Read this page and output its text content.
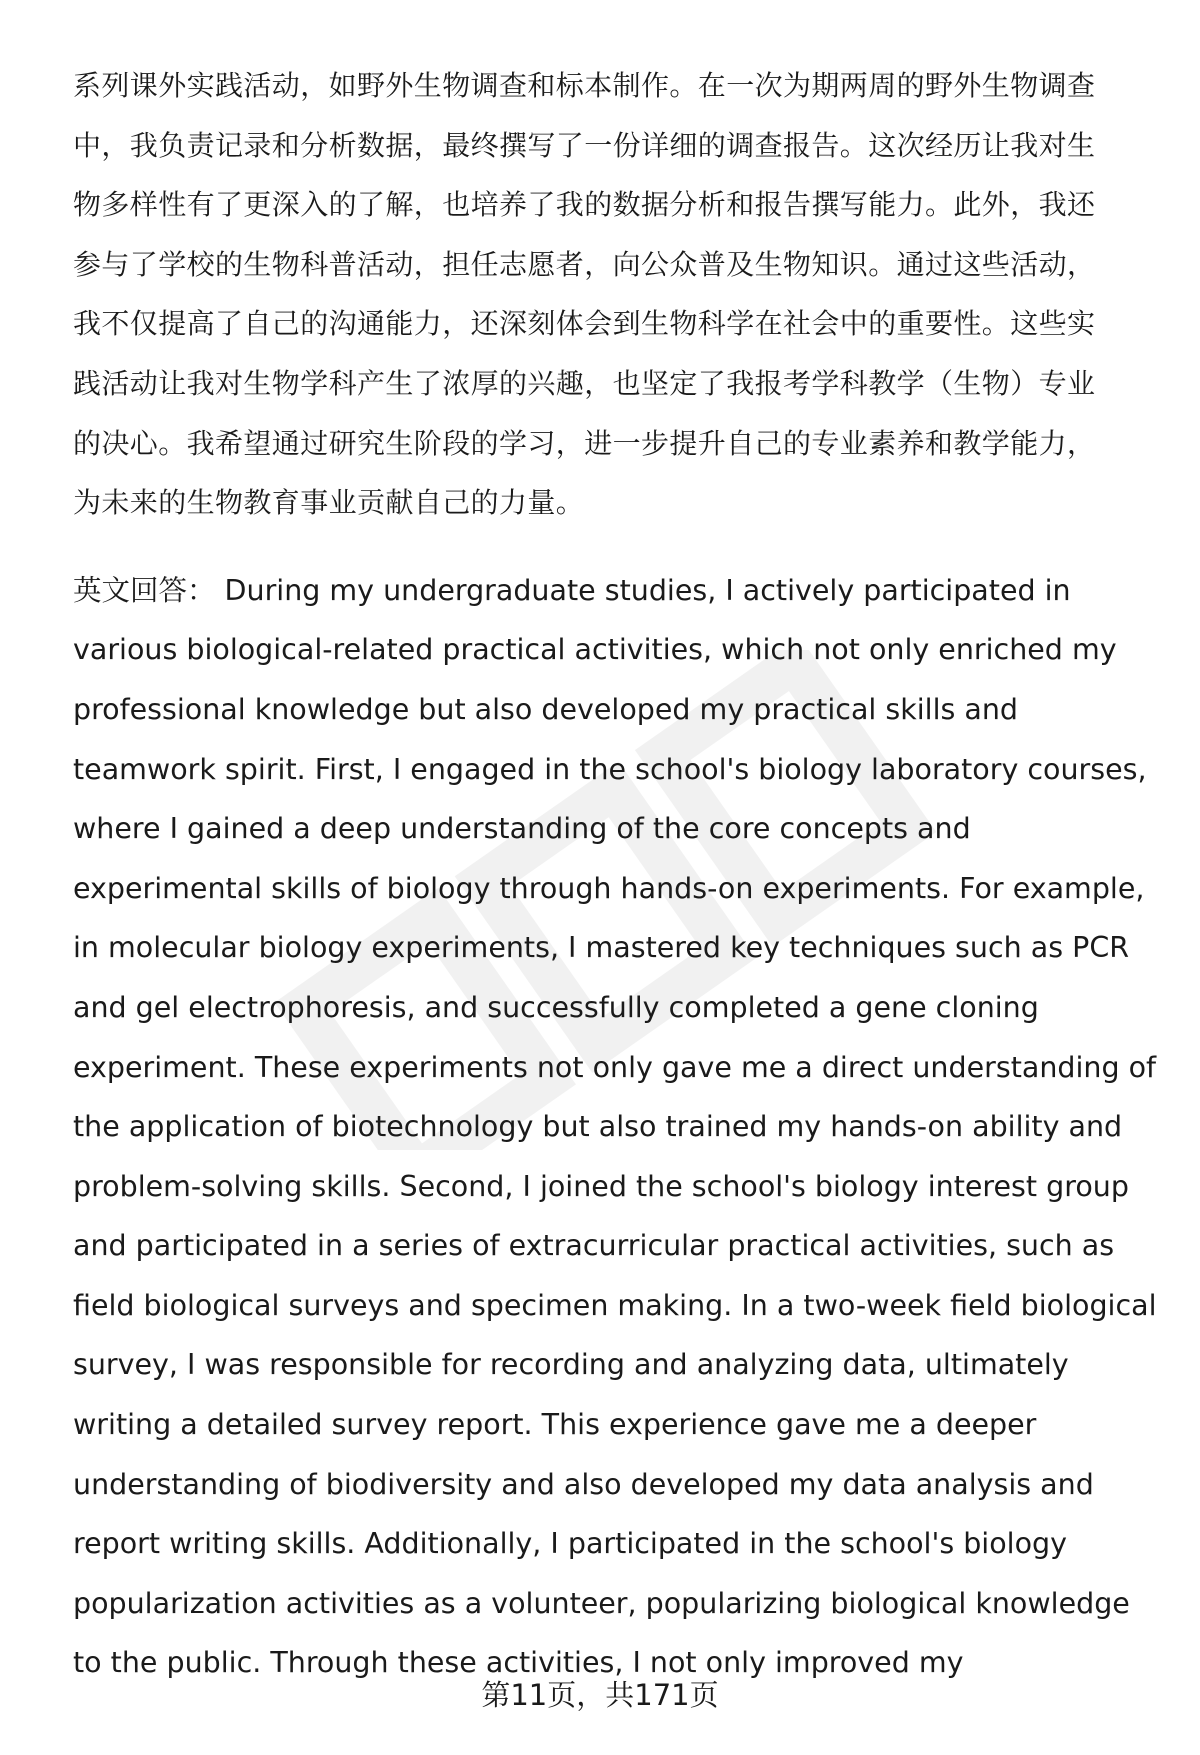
系列课外实践活动，如野外生物调查和标本制作。在一次为期两周的野外生物调查
中，我负责记录和分析数据，最终撰写了一份详细的调查报告。这次经历让我对生
物多样性有了更深入的了解，也培养了我的数据分析和报告撰写能力。此外，我还
参与了学校的生物科普活动，担任志愿者，向公众普及生物知识。通过这些活动，
我不仅提高了自己的沟通能力，还深刻体会到生物科学在社会中的重要性。这些实
践活动让我对生物学科产生了浓厚的兴趣，也坚定了我报考学科教学（生物）专业
的决心。我希望通过研究生阶段的学习，进一步提升自己的专业素养和教学能力，
为未来的生物教育事业贡献自己的力量。
英文回答： During my undergraduate studies, I actively participated in
various biological-related practical activities, which not only enriched my
professional knowledge but also developed my practical skills and
teamwork spirit. First, I engaged in the school's biology laboratory courses,
where I gained a deep understanding of the core concepts and
experimental skills of biology through hands-on experiments. For example,
in molecular biology experiments, I mastered key techniques such as PCR
and gel electrophoresis, and successfully completed a gene cloning
experiment. These experiments not only gave me a direct understanding of
the application of biotechnology but also trained my hands-on ability and
problem-solving skills. Second, I joined the school's biology interest group
and participated in a series of extracurricular practical activities, such as
field biological surveys and specimen making. In a two-week field biological
survey, I was responsible for recording and analyzing data, ultimately
writing a detailed survey report. This experience gave me a deeper
understanding of biodiversity and also developed my data analysis and
report writing skills. Additionally, I participated in the school's biology
popularization activities as a volunteer, popularizing biological knowledge
to the public. Through these activities, I not only improved my
第11页，共171页
